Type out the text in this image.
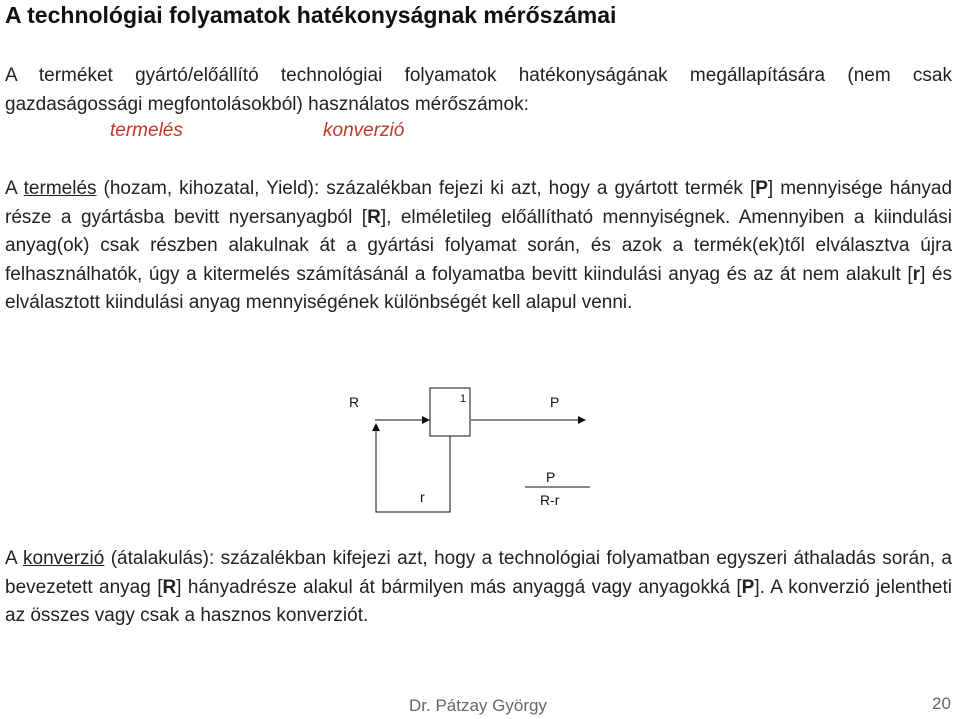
A technológiai folyamatok hatékonyságnak mérőszámai

A terméket gyártó/előállító technológiai folyamatok hatékonyságának megállapítására (nem csak gazdaságossági megfontolásokból) használatos mérőszámok:

termelés	konverzió

A termelés (hozam, kihozatal, Yield): százalékban fejezi ki azt, hogy a gyártott termék [P] mennyisége hányad része a gyártásba bevitt nyersanyagból [R], elméletileg előállítható mennyiségnek. Amennyiben a kiindulási anyag(ok) csak részben alakulnak át a gyártási folyamat során, és azok a termék(ek)től elválasztva újra felhasználhatók, úgy a kitermelés számításánál a folyamatba bevitt kiindulási anyag és az át nem alakult [r] és elválasztott kiindulási anyag mennyiségének különbségét kell alapul venni.

R	1	P
r
P
R-r

A konverzió (átalakulás): százalékban kifejezi azt, hogy a technológiai folyamatban egyszeri áthaladás során, a bevezetett anyag [R] hányadrésze alakul át bármilyen más anyaggá vagy anyagokká [P]. A konverzió jelentheti az összes vagy csak a hasznos konverziót.

Dr. Pátzay György	20
